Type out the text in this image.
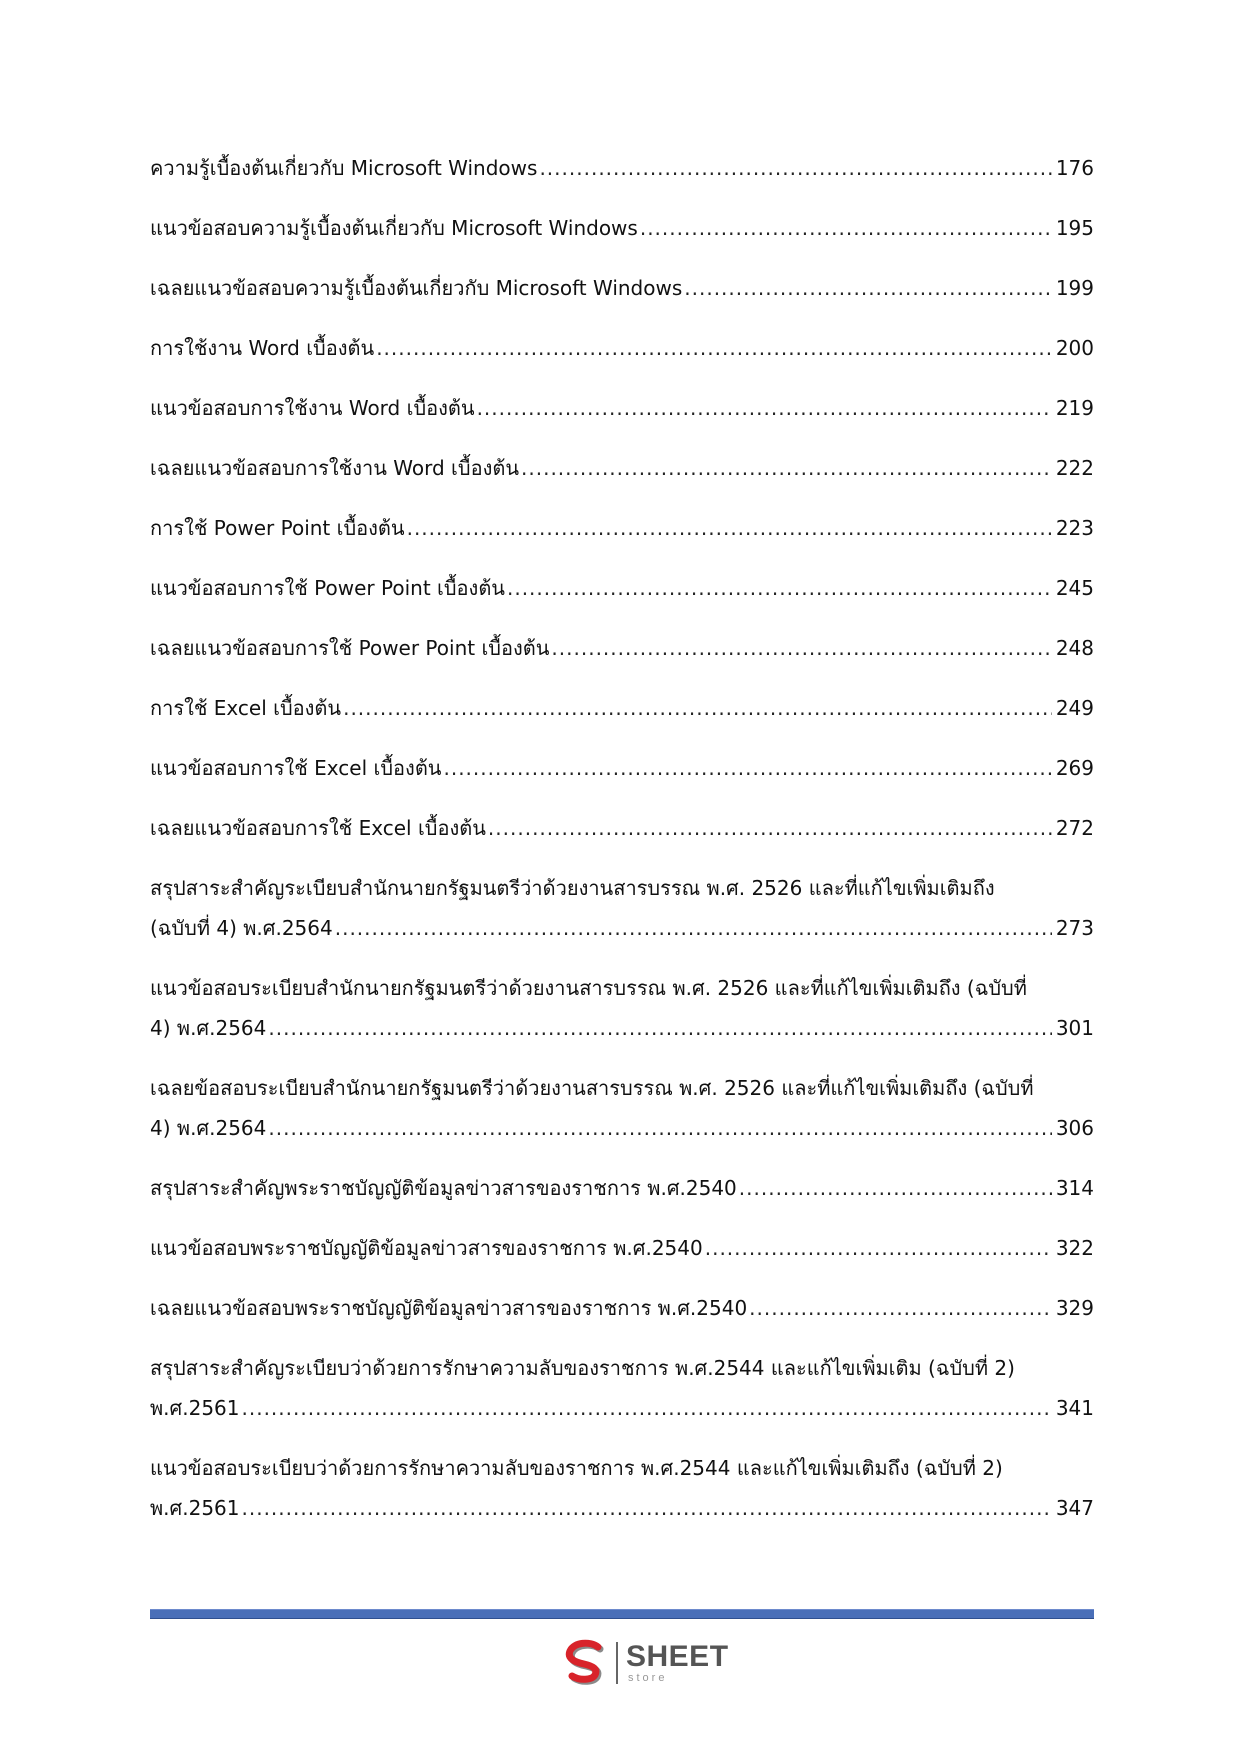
ความรู้เบื้องต้นเกี่ยวกับ Microsoft Windows .....	176
แนวข้อสอบความรู้เบื้องต้นเกี่ยวกับ Microsoft Windows .....	195
เฉลยแนวข้อสอบความรู้เบื้องต้นเกี่ยวกับ Microsoft Windows .....	199
การใช้งาน Word เบื้องต้น .....	200
แนวข้อสอบการใช้งาน Word เบื้องต้น .....	219
เฉลยแนวข้อสอบการใช้งาน Word เบื้องต้น .....	222
การใช้ Power Point เบื้องต้น .....	223
แนวข้อสอบการใช้ Power Point เบื้องต้น .....	245
เฉลยแนวข้อสอบการใช้ Power Point เบื้องต้น .....	248
การใช้ Excel เบื้องต้น .....	249
แนวข้อสอบการใช้ Excel เบื้องต้น .....	269
เฉลยแนวข้อสอบการใช้ Excel เบื้องต้น .....	272
สรุปสาระสำคัญระเบียบสำนักนายกรัฐมนตรีว่าด้วยงานสารบรรณ พ.ศ. 2526 และที่แก้ไขเพิ่มเติมถึง
(ฉบับที่ 4) พ.ศ.2564 .....	273
แนวข้อสอบระเบียบสำนักนายกรัฐมนตรีว่าด้วยงานสารบรรณ พ.ศ. 2526 และที่แก้ไขเพิ่มเติมถึง (ฉบับที่
4) พ.ศ.2564 .....	301
เฉลยข้อสอบระเบียบสำนักนายกรัฐมนตรีว่าด้วยงานสารบรรณ พ.ศ. 2526 และที่แก้ไขเพิ่มเติมถึง (ฉบับที่
4) พ.ศ.2564 .....	306
สรุปสาระสำคัญพระราชบัญญัติข้อมูลข่าวสารของราชการ พ.ศ.2540 .....	314
แนวข้อสอบพระราชบัญญัติข้อมูลข่าวสารของราชการ พ.ศ.2540 .....	322
เฉลยแนวข้อสอบพระราชบัญญัติข้อมูลข่าวสารของราชการ พ.ศ.2540 .....	329
สรุปสาระสำคัญระเบียบว่าด้วยการรักษาความลับของราชการ พ.ศ.2544 และแก้ไขเพิ่มเติม (ฉบับที่ 2)
พ.ศ.2561 .....	341
แนวข้อสอบระเบียบว่าด้วยการรักษาความลับของราชการ พ.ศ.2544 และแก้ไขเพิ่มเติมถึง (ฉบับที่ 2)
พ.ศ.2561 .....	347
SHEET
store
